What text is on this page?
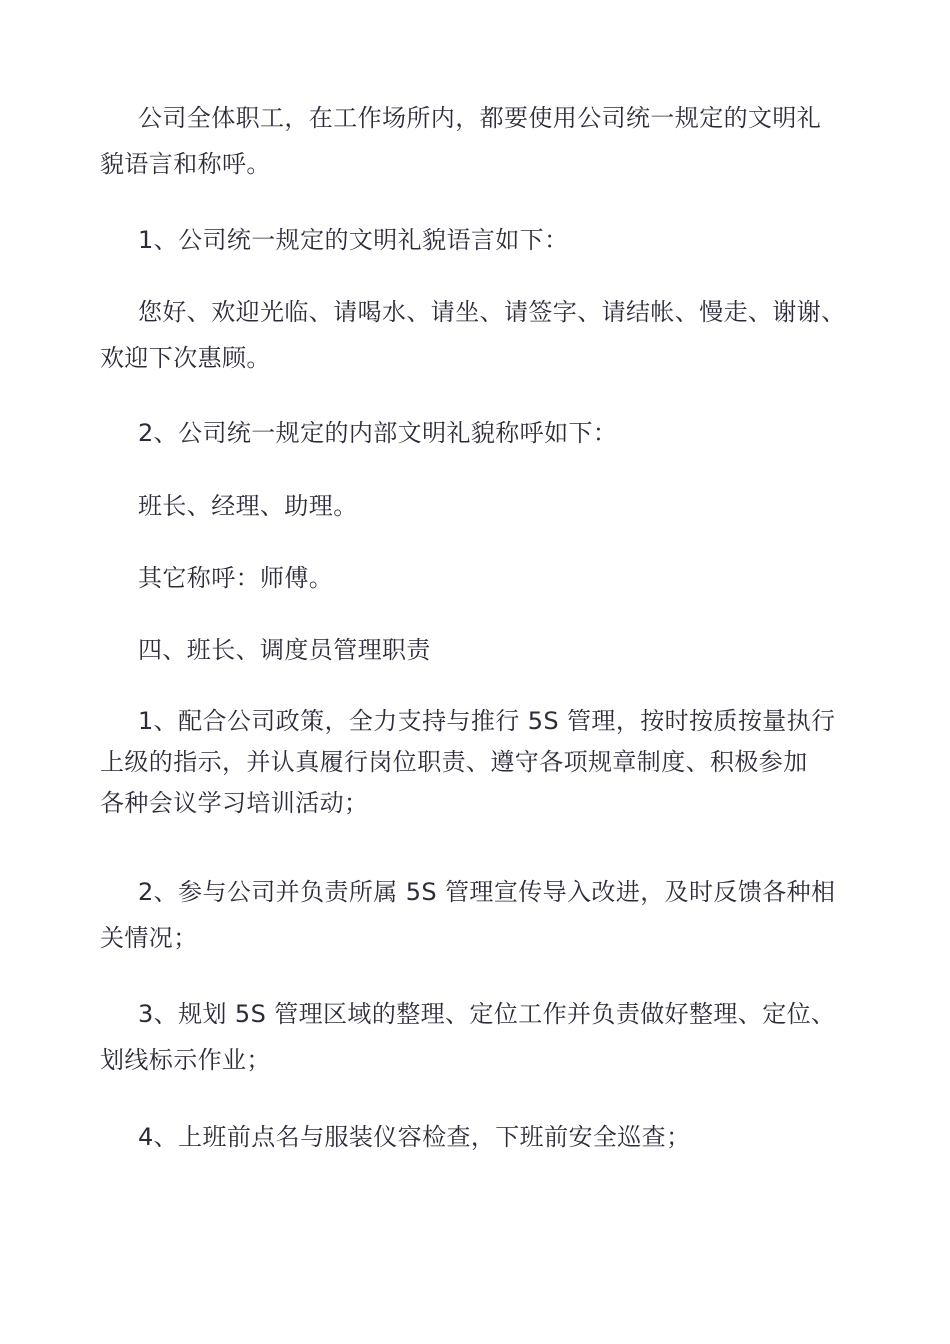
公司全体职工，在工作场所内，都要使用公司统一规定的文明礼
貌语言和称呼。

1、公司统一规定的文明礼貌语言如下：

您好、欢迎光临、请喝水、请坐、请签字、请结帐、慢走、谢谢、
欢迎下次惠顾。

2、公司统一规定的内部文明礼貌称呼如下：

班长、经理、助理。

其它称呼：师傅。

四、班长、调度员管理职责

1、配合公司政策，全力支持与推行 5S 管理，按时按质按量执行
上级的指示，并认真履行岗位职责、遵守各项规章制度、积极参加
各种会议学习培训活动；

2、参与公司并负责所属 5S 管理宣传导入改进，及时反馈各种相
关情况；

3、规划 5S 管理区域的整理、定位工作并负责做好整理、定位、
划线标示作业；

4、上班前点名与服装仪容检查，下班前安全巡查；
